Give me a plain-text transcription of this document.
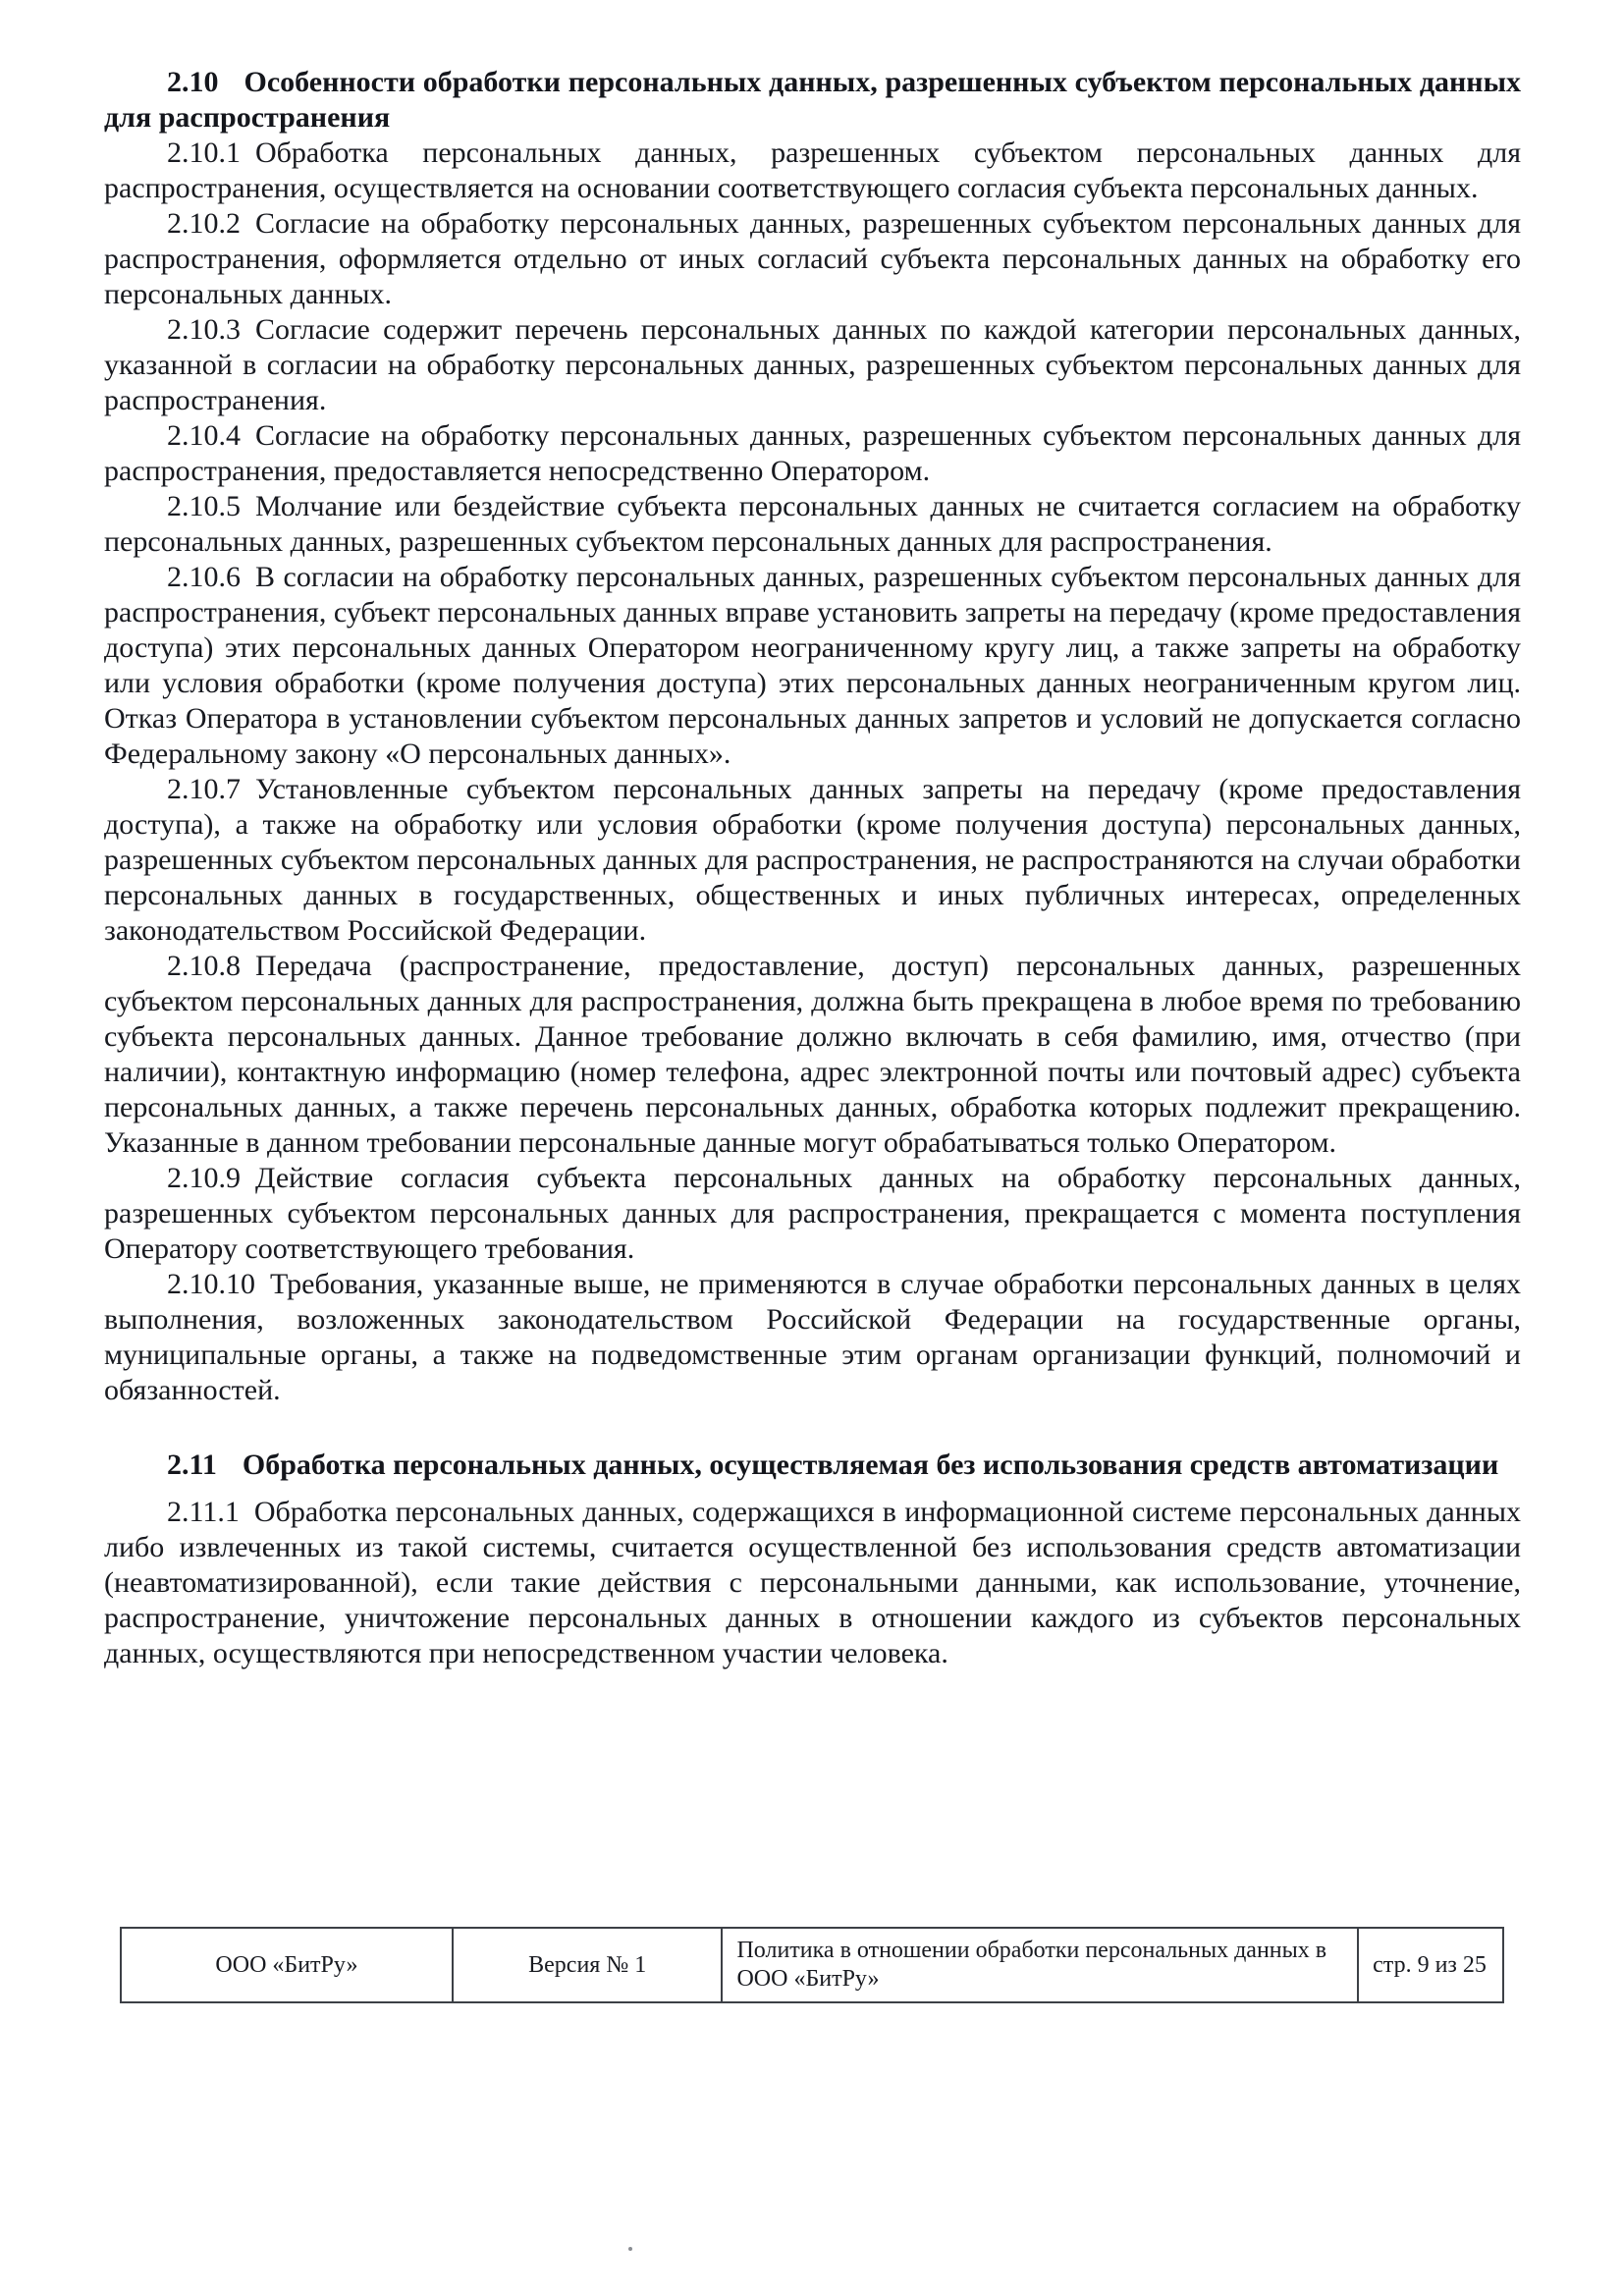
2.10 Особенности обработки персональных данных, разрешенных субъектом персональных данных для распространения

2.10.1 Обработка персональных данных, разрешенных субъектом персональных данных для распространения, осуществляется на основании соответствующего согласия субъекта персональных данных.

2.10.2 Согласие на обработку персональных данных, разрешенных субъектом персональных данных для распространения, оформляется отдельно от иных согласий субъекта персональных данных на обработку его персональных данных.

2.10.3 Согласие содержит перечень персональных данных по каждой категории персональных данных, указанной в согласии на обработку персональных данных, разрешенных субъектом персональных данных для распространения.

2.10.4 Согласие на обработку персональных данных, разрешенных субъектом персональных данных для распространения, предоставляется непосредственно Оператором.

2.10.5 Молчание или бездействие субъекта персональных данных не считается согласием на обработку персональных данных, разрешенных субъектом персональных данных для распространения.

2.10.6 В согласии на обработку персональных данных, разрешенных субъектом персональных данных для распространения, субъект персональных данных вправе установить запреты на передачу (кроме предоставления доступа) этих персональных данных Оператором неограниченному кругу лиц, а также запреты на обработку или условия обработки (кроме получения доступа) этих персональных данных неограниченным кругом лиц. Отказ Оператора в установлении субъектом персональных данных запретов и условий не допускается согласно Федеральному закону «О персональных данных».

2.10.7 Установленные субъектом персональных данных запреты на передачу (кроме предоставления доступа), а также на обработку или условия обработки (кроме получения доступа) персональных данных, разрешенных субъектом персональных данных для распространения, не распространяются на случаи обработки персональных данных в государственных, общественных и иных публичных интересах, определенных законодательством Российской Федерации.

2.10.8 Передача (распространение, предоставление, доступ) персональных данных, разрешенных субъектом персональных данных для распространения, должна быть прекращена в любое время по требованию субъекта персональных данных. Данное требование должно включать в себя фамилию, имя, отчество (при наличии), контактную информацию (номер телефона, адрес электронной почты или почтовый адрес) субъекта персональных данных, а также перечень персональных данных, обработка которых подлежит прекращению. Указанные в данном требовании персональные данные могут обрабатываться только Оператором.

2.10.9 Действие согласия субъекта персональных данных на обработку персональных данных, разрешенных субъектом персональных данных для распространения, прекращается с момента поступления Оператору соответствующего требования.

2.10.10 Требования, указанные выше, не применяются в случае обработки персональных данных в целях выполнения, возложенных законодательством Российской Федерации на государственные органы, муниципальные органы, а также на подведомственные этим органам организации функций, полномочий и обязанностей.

2.11 Обработка персональных данных, осуществляемая без использования средств автоматизации

2.11.1 Обработка персональных данных, содержащихся в информационной системе персональных данных либо извлеченных из такой системы, считается осуществленной без использования средств автоматизации (неавтоматизированной), если такие действия с персональными данными, как использование, уточнение, распространение, уничтожение персональных данных в отношении каждого из субъектов персональных данных, осуществляются при непосредственном участии человека.

ООО «БитРу»	Версия № 1	Политика в отношении обработки персональных данных в ООО «БитРу»	стр. 9 из 25
